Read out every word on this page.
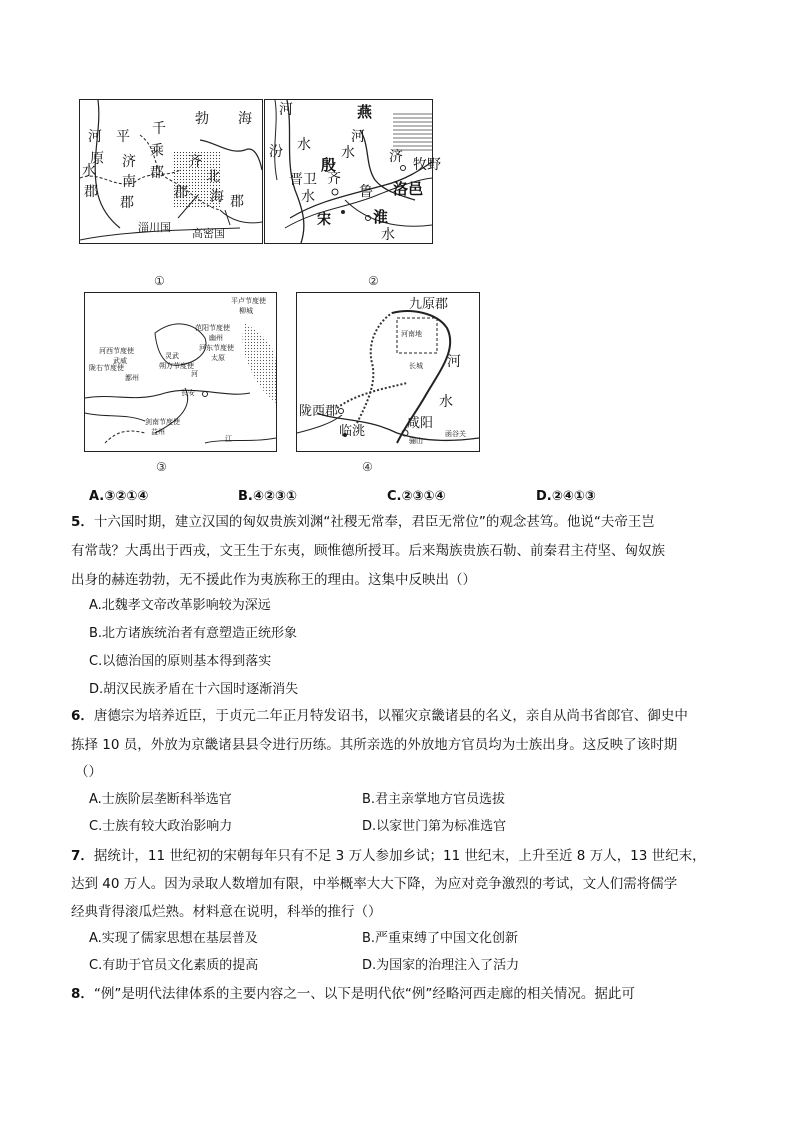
河 平 千
勃 海
原 济
乘
齐
北
水
南
郡
郡
郡
郡 海 郡
淄川国 高密国
河	燕
汾
河
水
殷	济
水
晋 卫 齐
牧野
水	鲁 洛邑
宋	淮
水
①	②
平卢节度使
柳城
范阳节度使
幽州
河东节度使
太原
河西节度使
武威
灵武
朔方节度使
陇右节度使
鄯州
长安
河
剑南节度使
益州
江
九原郡
河南地
河
长城
水
陇西郡
临洮
咸阳
函谷关
骊山
③	④
A.③②①④	B.④②③①	C.②③①④	D.②④①③
5．十六国时期，建立汉国的匈奴贵族刘渊“社稷无常奉，君臣无常位”的观念甚笃。他说“夫帝王岂
有常哉？大禹出于西戎，文王生于东夷，顾惟德所授耳。后来羯族贵族石勒、前秦君主苻坚、匈奴族
出身的赫连勃勃，无不援此作为夷族称王的理由。这集中反映出（）
A.北魏孝文帝改革影响较为深远
B.北方诸族统治者有意塑造正统形象
C.以德治国的原则基本得到落实
D.胡汉民族矛盾在十六国时逐渐消失
6．唐德宗为培养近臣，于贞元二年正月特发诏书，以罹灾京畿诸县的名义，亲自从尚书省郎官、御史中
拣择 10 员，外放为京畿诸县县令进行历练。其所亲选的外放地方官员均为士族出身。这反映了该时期
（）
A.士族阶层垄断科举选官	B.君主亲掌地方官员选拔
C.士族有较大政治影响力	D.以家世门第为标准选官
7．据统计，11 世纪初的宋朝每年只有不足 3 万人参加乡试；11 世纪末，上升至近 8 万人，13 世纪末，
达到 40 万人。因为录取人数增加有限，中举概率大大下降，为应对竞争激烈的考试，文人们需将儒学
经典背得滚瓜烂熟。材料意在说明，科举的推行（）
A.实现了儒家思想在基层普及	B.严重束缚了中国文化创新
C.有助于官员文化素质的提高	D.为国家的治理注入了活力
8．“例”是明代法律体系的主要内容之一、以下是明代依“例”经略河西走廊的相关情况。据此可
